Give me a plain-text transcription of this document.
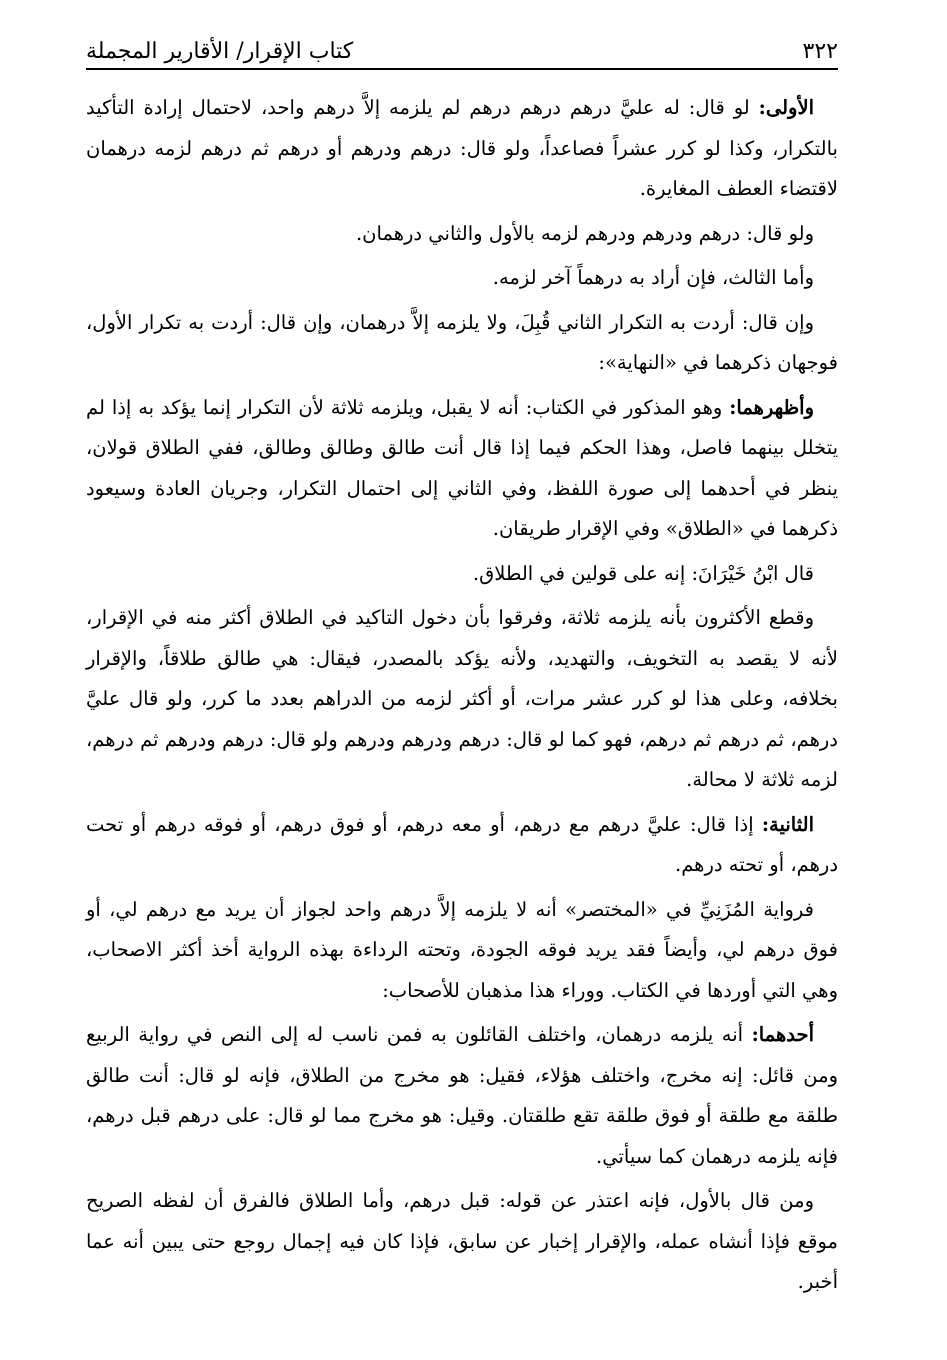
٣٢٢
كتاب الإقرار/ الأقارير المجملة

الأولى: لو قال: له عليَّ درهم درهم درهم لم يلزمه إلاَّ درهم واحد، لاحتمال إرادة التأكيد بالتكرار، وكذا لو كرر عشراً فصاعداً، ولو قال: درهم ودرهم أو درهم ثم درهم لزمه درهمان لاقتضاء العطف المغايرة.

ولو قال: درهم ودرهم ودرهم لزمه بالأول والثاني درهمان.

وأما الثالث، فإن أراد به درهماً آخر لزمه.

وإن قال: أردت به التكرار الثاني قُبِلَ، ولا يلزمه إلاَّ درهمان، وإن قال: أردت به تكرار الأول، فوجهان ذكرهما في «النهاية»:

وأظهرهما: وهو المذكور في الكتاب: أنه لا يقبل، ويلزمه ثلاثة لأن التكرار إنما يؤكد به إذا لم يتخلل بينهما فاصل، وهذا الحكم فيما إذا قال أنت طالق وطالق وطالق، ففي الطلاق قولان، ينظر في أحدهما إلى صورة اللفظ، وفي الثاني إلى احتمال التكرار، وجريان العادة وسيعود ذكرهما في «الطلاق» وفي الإقرار طريقان.

قال ابْنُ خَيْرَانَ: إنه على قولين في الطلاق.

وقطع الأكثرون بأنه يلزمه ثلاثة، وفرقوا بأن دخول التاكيد في الطلاق أكثر منه في الإقرار، لأنه لا يقصد به التخويف، والتهديد، ولأنه يؤكد بالمصدر، فيقال: هي طالق طلاقاً، والإقرار بخلافه، وعلى هذا لو كرر عشر مرات، أو أكثر لزمه من الدراهم بعدد ما كرر، ولو قال عليَّ درهم، ثم درهم ثم درهم، فهو كما لو قال: درهم ودرهم ودرهم ولو قال: درهم ودرهم ثم درهم، لزمه ثلاثة لا محالة.

الثانية: إذا قال: عليَّ درهم مع درهم، أو معه درهم، أو فوق درهم، أو فوقه درهم أو تحت درهم، أو تحته درهم.

فرواية المُزَنِيِّ في «المختصر» أنه لا يلزمه إلاَّ درهم واحد لجواز أن يريد مع درهم لي، أو فوق درهم لي، وأيضاً فقد يريد فوقه الجودة، وتحته الرداءة بهذه الرواية أخذ أكثر الاصحاب، وهي التي أوردها في الكتاب. ووراء هذا مذهبان للأصحاب:

أحدهما: أنه يلزمه درهمان، واختلف القائلون به فمن ناسب له إلى النص في رواية الربيع ومن قائل: إنه مخرج، واختلف هؤلاء، فقيل: هو مخرج من الطلاق، فإنه لو قال: أنت طالق طلقة مع طلقة أو فوق طلقة تقع طلقتان. وقيل: هو مخرج مما لو قال: على درهم قبل درهم، فإنه يلزمه درهمان كما سيأتي.

ومن قال بالأول، فإنه اعتذر عن قوله: قبل درهم، وأما الطلاق فالفرق أن لفظه الصريح موقع فإذا أنشاه عمله، والإقرار إخبار عن سابق، فإذا كان فيه إجمال روجع حتى يبين أنه عما أخبر.
